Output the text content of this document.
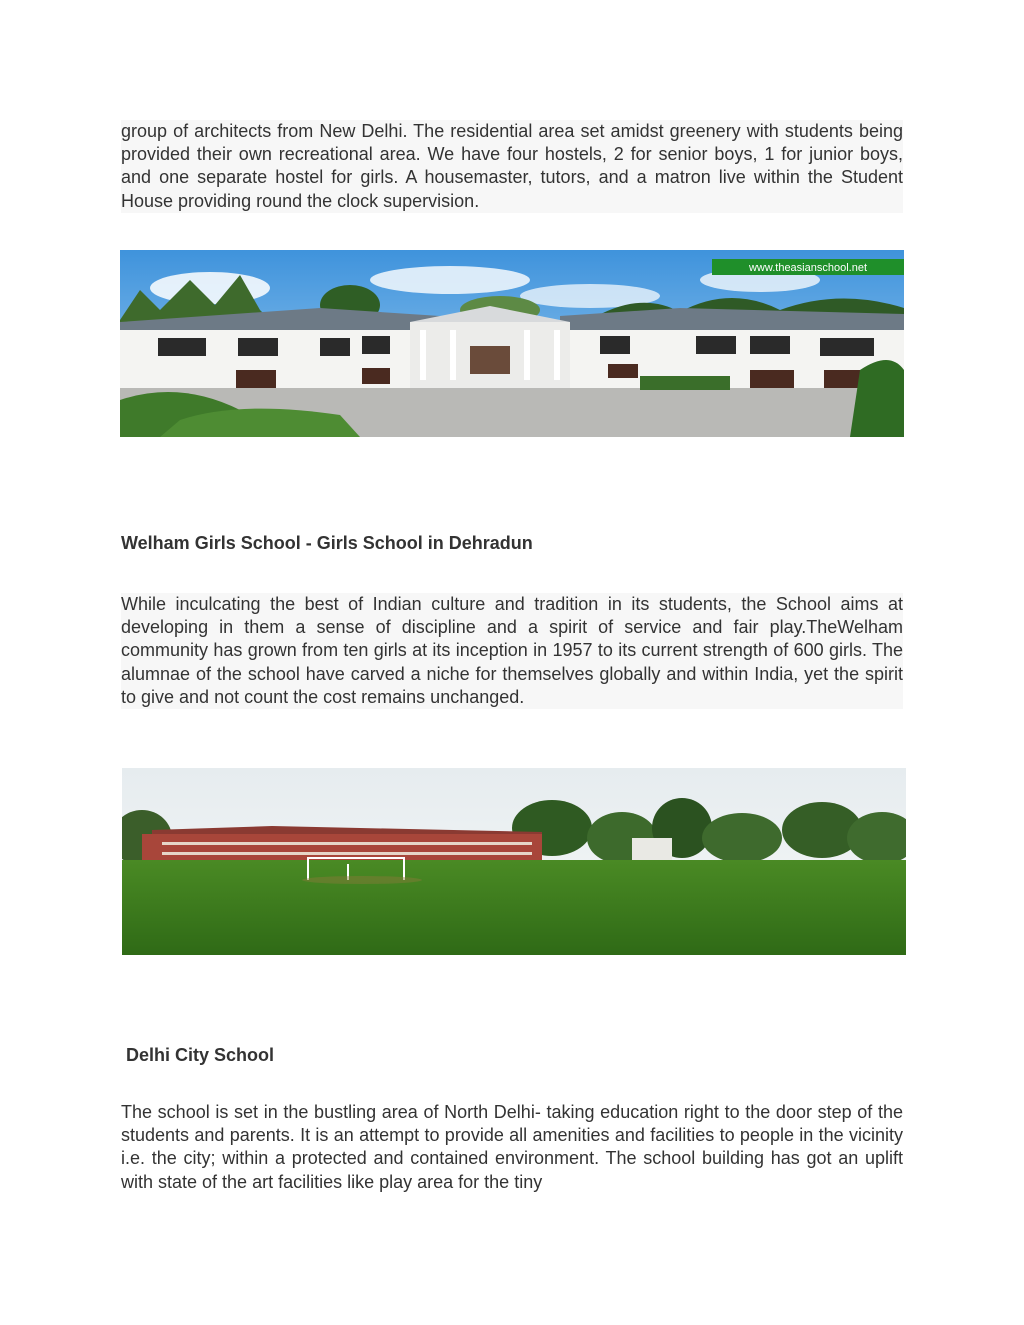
group of architects from New Delhi. The residential area set amidst greenery with students being provided their own recreational area. We have four hostels, 2 for senior boys, 1 for junior boys, and one separate hostel for girls. A housemaster, tutors, and a matron live within the Student House providing round the clock supervision.

www.theasianschool.net
Welham Girls School - Girls School in Dehradun

While inculcating the best of Indian culture and tradition in its students, the School aims at developing in them a sense of discipline and a spirit of service and fair play.TheWelham community has grown from ten girls at its inception in 1957 to its current strength of 600 girls. The alumnae of the school have carved a niche for themselves globally and within India, yet the spirit to give and not count the cost remains unchanged.

Delhi City School

The school is set in the bustling area of North Delhi- taking education right to the door step of the students and parents. It is an attempt to provide all amenities and facilities to people in the vicinity i.e. the city; within a protected and contained environment. The school building has got an uplift with state of the art facilities like play area for the tiny
